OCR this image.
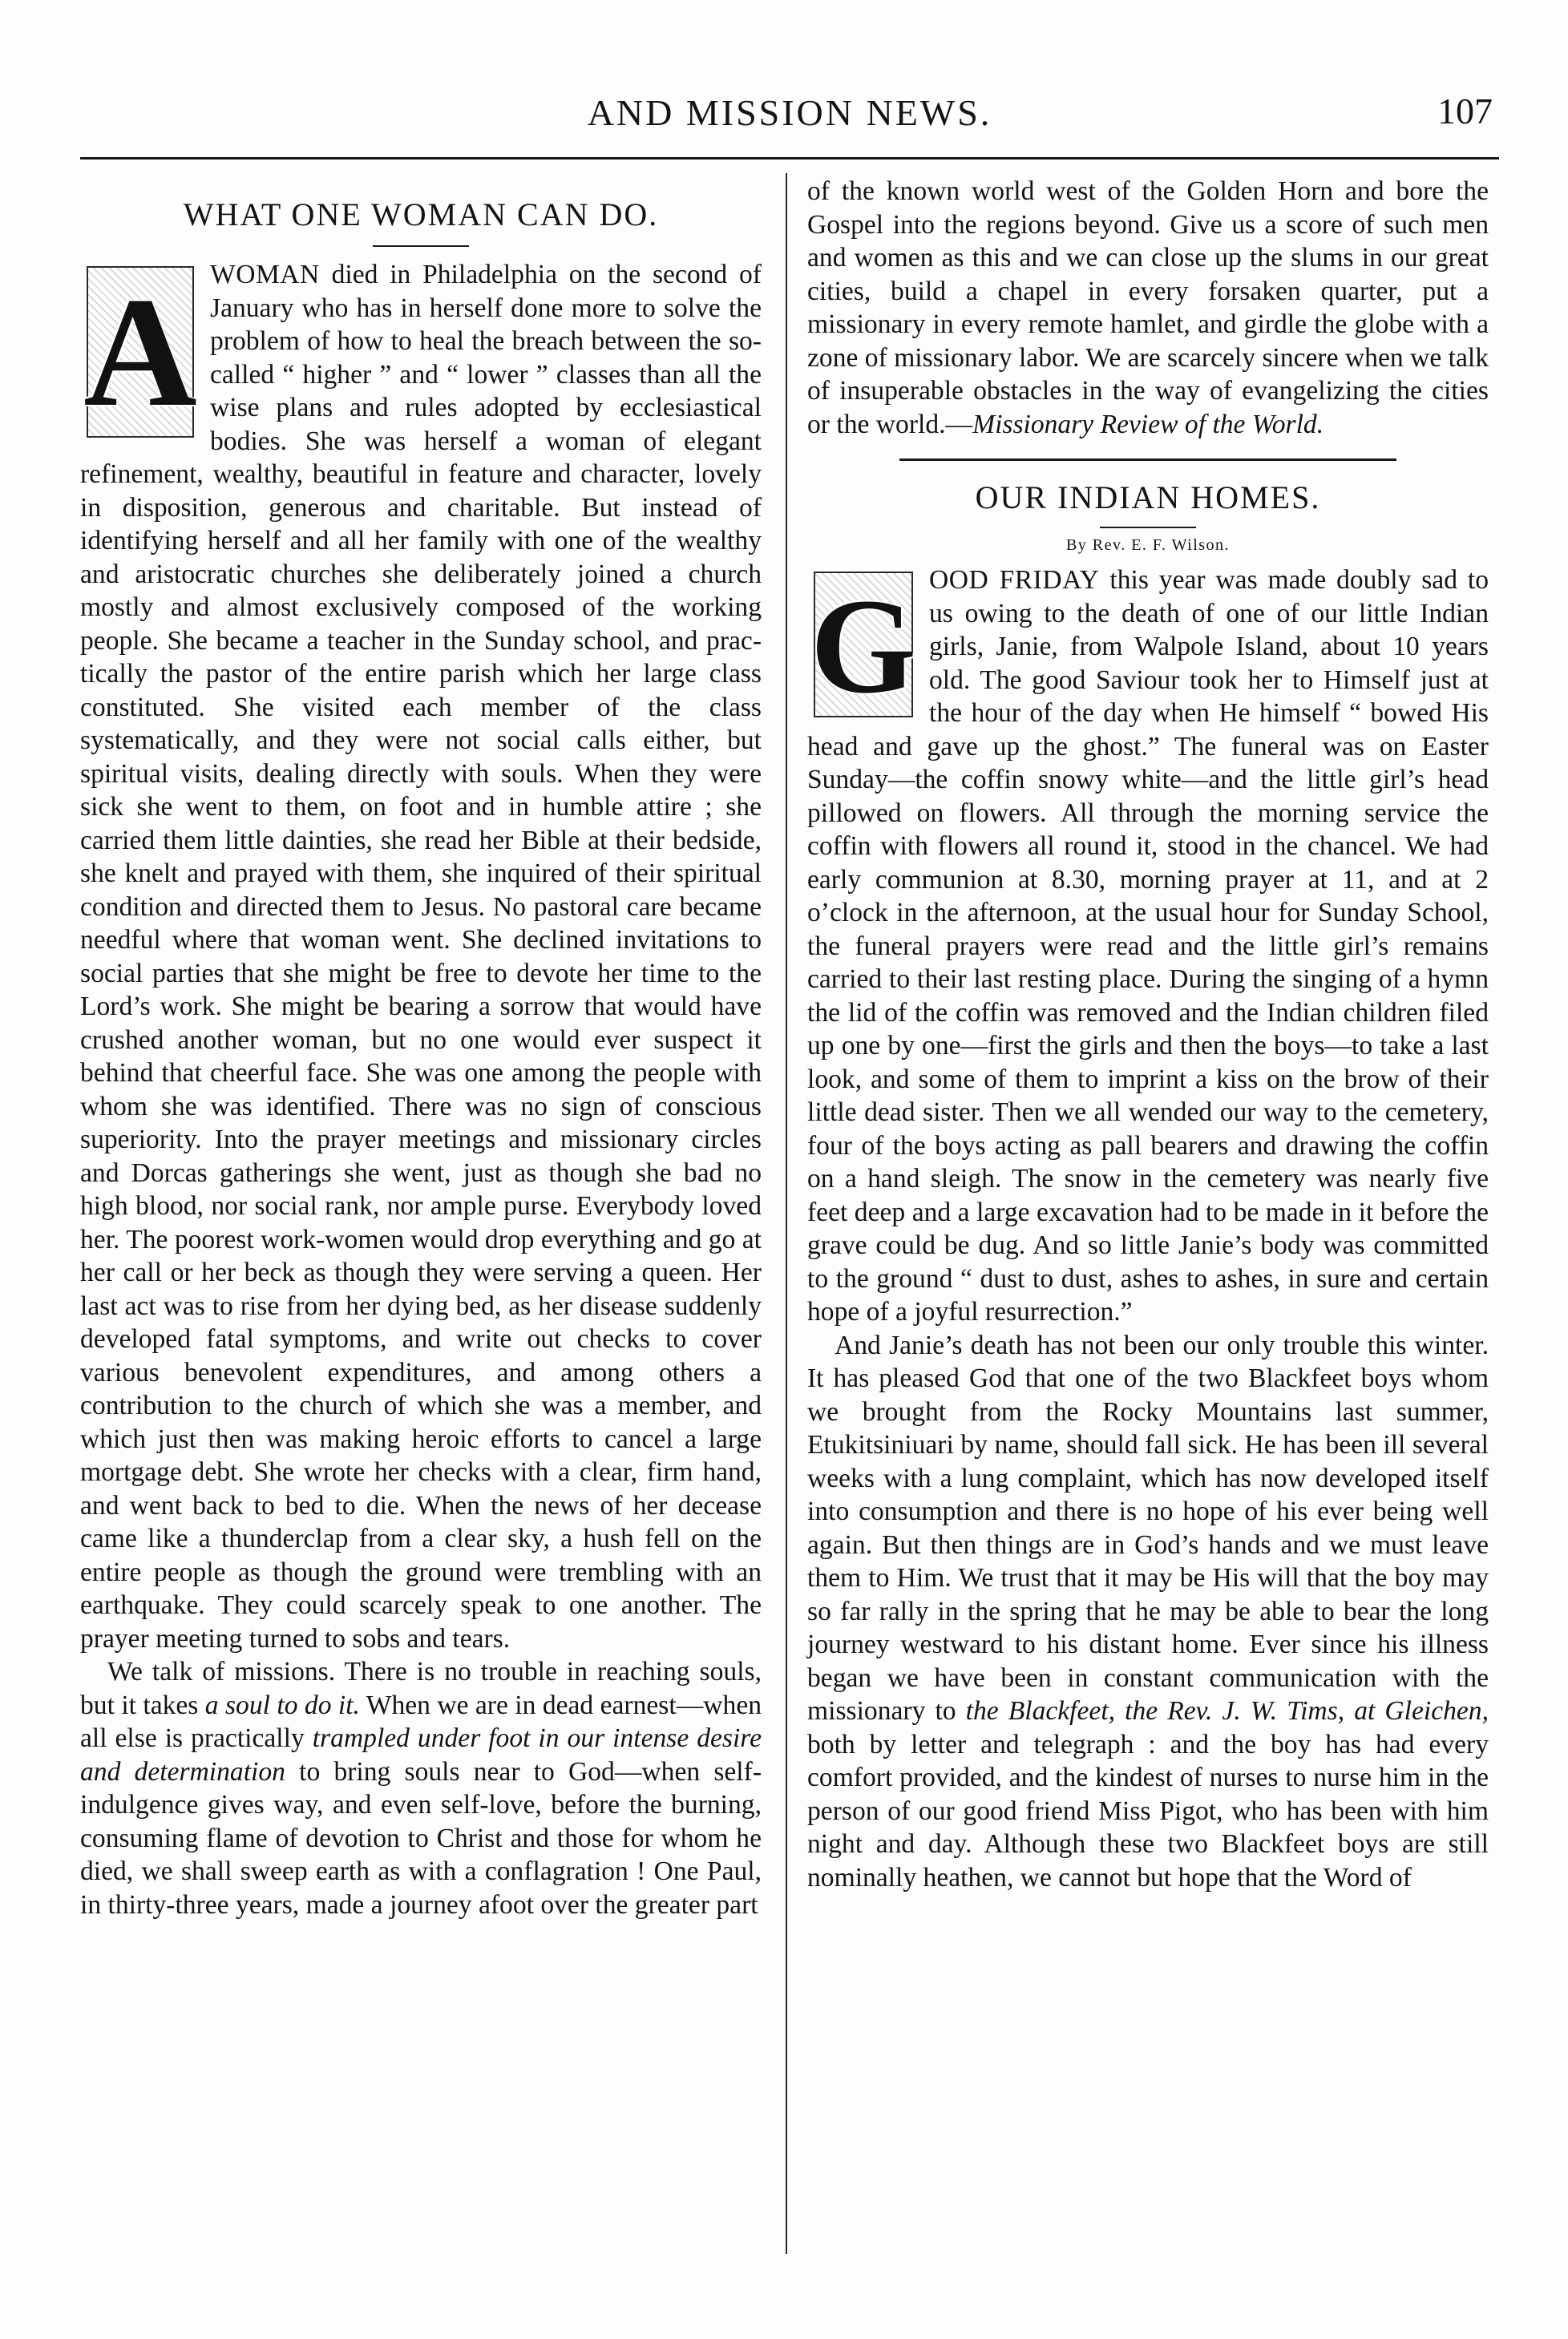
AND MISSION NEWS.	107
WHAT ONE WOMAN CAN DO.

A WOMAN died in Philadelphia on the second of January who has in herself done more to solve the problem of how to heal the breach between the so-called “ higher ” and “ lower ” classes than all the wise plans and rules adopted by ecclesiastical bodies. She was herself a woman of elegant refinement, wealthy, beautiful in feature and character, lovely in disposition, generous and charitable. But instead of identifying herself and all her family with one of the wealthy and aristocratic churches she deliberately joined a church mostly and almost exclusively composed of the working people. She became a teacher in the Sunday school, and practically the pastor of the entire parish which her large class constituted. She visited each member of the class systematically, and they were not social calls either, but spiritual visits, dealing directly with souls. When they were sick she went to them, on foot and in humble attire ; she carried them little dainties, she read her Bible at their bedside, she knelt and prayed with them, she inquired of their spiritual condition and directed them to Jesus. No pastoral care became needful where that woman went. She declined invitations to social parties that she might be free to devote her time to the Lord’s work. She might be bearing a sorrow that would have crushed another woman, but no one would ever suspect it behind that cheerful face. She was one among the people with whom she was identified. There was no sign of conscious superiority. Into the prayer meetings and missionary circles and Dorcas gatherings she went, just as though she bad no high blood, nor social rank, nor ample purse. Everybody loved her. The poorest work-women would drop everything and go at her call or her beck as though they were serving a queen. Her last act was to rise from her dying bed, as her disease suddenly developed fatal symptoms, and write out checks to cover various benevolent expenditures, and among others a contribution to the church of which she was a member, and which just then was making heroic efforts to cancel a large mortgage debt. She wrote her checks with a clear, firm hand, and went back to bed to die. When the news of her decease came like a thunderclap from a clear sky, a hush fell on the entire people as though the ground were trembling with an earthquake. They could scarcely speak to one another. The prayer meeting turned to sobs and tears.

We talk of missions. There is no trouble in reaching souls, but it takes a soul to do it. When we are in dead earnest—when all else is practically trampled under foot in our intense desire and determination to bring souls near to God—when self-indulgence gives way, and even self-love, before the burning, consuming flame of devotion to Christ and those for whom he died, we shall sweep earth as with a conflagration ! One Paul, in thirty-three years, made a journey afoot over the greater part

of the known world west of the Golden Horn and bore the Gospel into the regions beyond. Give us a score of such men and women as this and we can close up the slums in our great cities, build a chapel in every forsaken quarter, put a missionary in every remote hamlet, and girdle the globe with a zone of missionary labor. We are scarcely sincere when we talk of insuperable obstacles in the way of evangelizing the cities or the world.—Missionary Review of the World.

OUR INDIAN HOMES.
By Rev. E. F. Wilson.

G OOD FRIDAY this year was made doubly sad to us owing to the death of one of our little Indian girls, Janie, from Walpole Island, about 10 years old. The good Saviour took her to Himself just at the hour of the day when He himself “ bowed His head and gave up the ghost.” The funeral was on Easter Sunday—the coffin snowy white—and the little girl’s head pillowed on flowers. All through the morning service the coffin with flowers all round it, stood in the chancel. We had early communion at 8.30, morning prayer at 11, and at 2 o’clock in the afternoon, at the usual hour for Sunday School, the funeral prayers were read and the little girl’s remains carried to their last resting place. During the singing of a hymn the lid of the coffin was removed and the Indian children filed up one by one—first the girls and then the boys—to take a last look, and some of them to imprint a kiss on the brow of their little dead sister. Then we all wended our way to the cemetery, four of the boys acting as pall bearers and drawing the coffin on a hand sleigh. The snow in the cemetery was nearly five feet deep and a large excavation had to be made in it before the grave could be dug. And so little Janie’s body was committed to the ground “ dust to dust, ashes to ashes, in sure and certain hope of a joyful resurrection.”

And Janie’s death has not been our only trouble this winter. It has pleased God that one of the two Blackfeet boys whom we brought from the Rocky Mountains last summer, Etukitsiniuari by name, should fall sick. He has been ill several weeks with a lung complaint, which has now developed itself into consumption and there is no hope of his ever being well again. But then things are in God’s hands and we must leave them to Him. We trust that it may be His will that the boy may so far rally in the spring that he may be able to bear the long journey westward to his distant home. Ever since his illness began we have been in constant communication with the missionary to the Blackfeet, the Rev. J. W. Tims, at Gleichen, both by letter and telegraph : and the boy has had every comfort provided, and the kindest of nurses to nurse him in the person of our good friend Miss Pigot, who has been with him night and day. Although these two Blackfeet boys are still nominally heathen, we cannot but hope that the Word of
